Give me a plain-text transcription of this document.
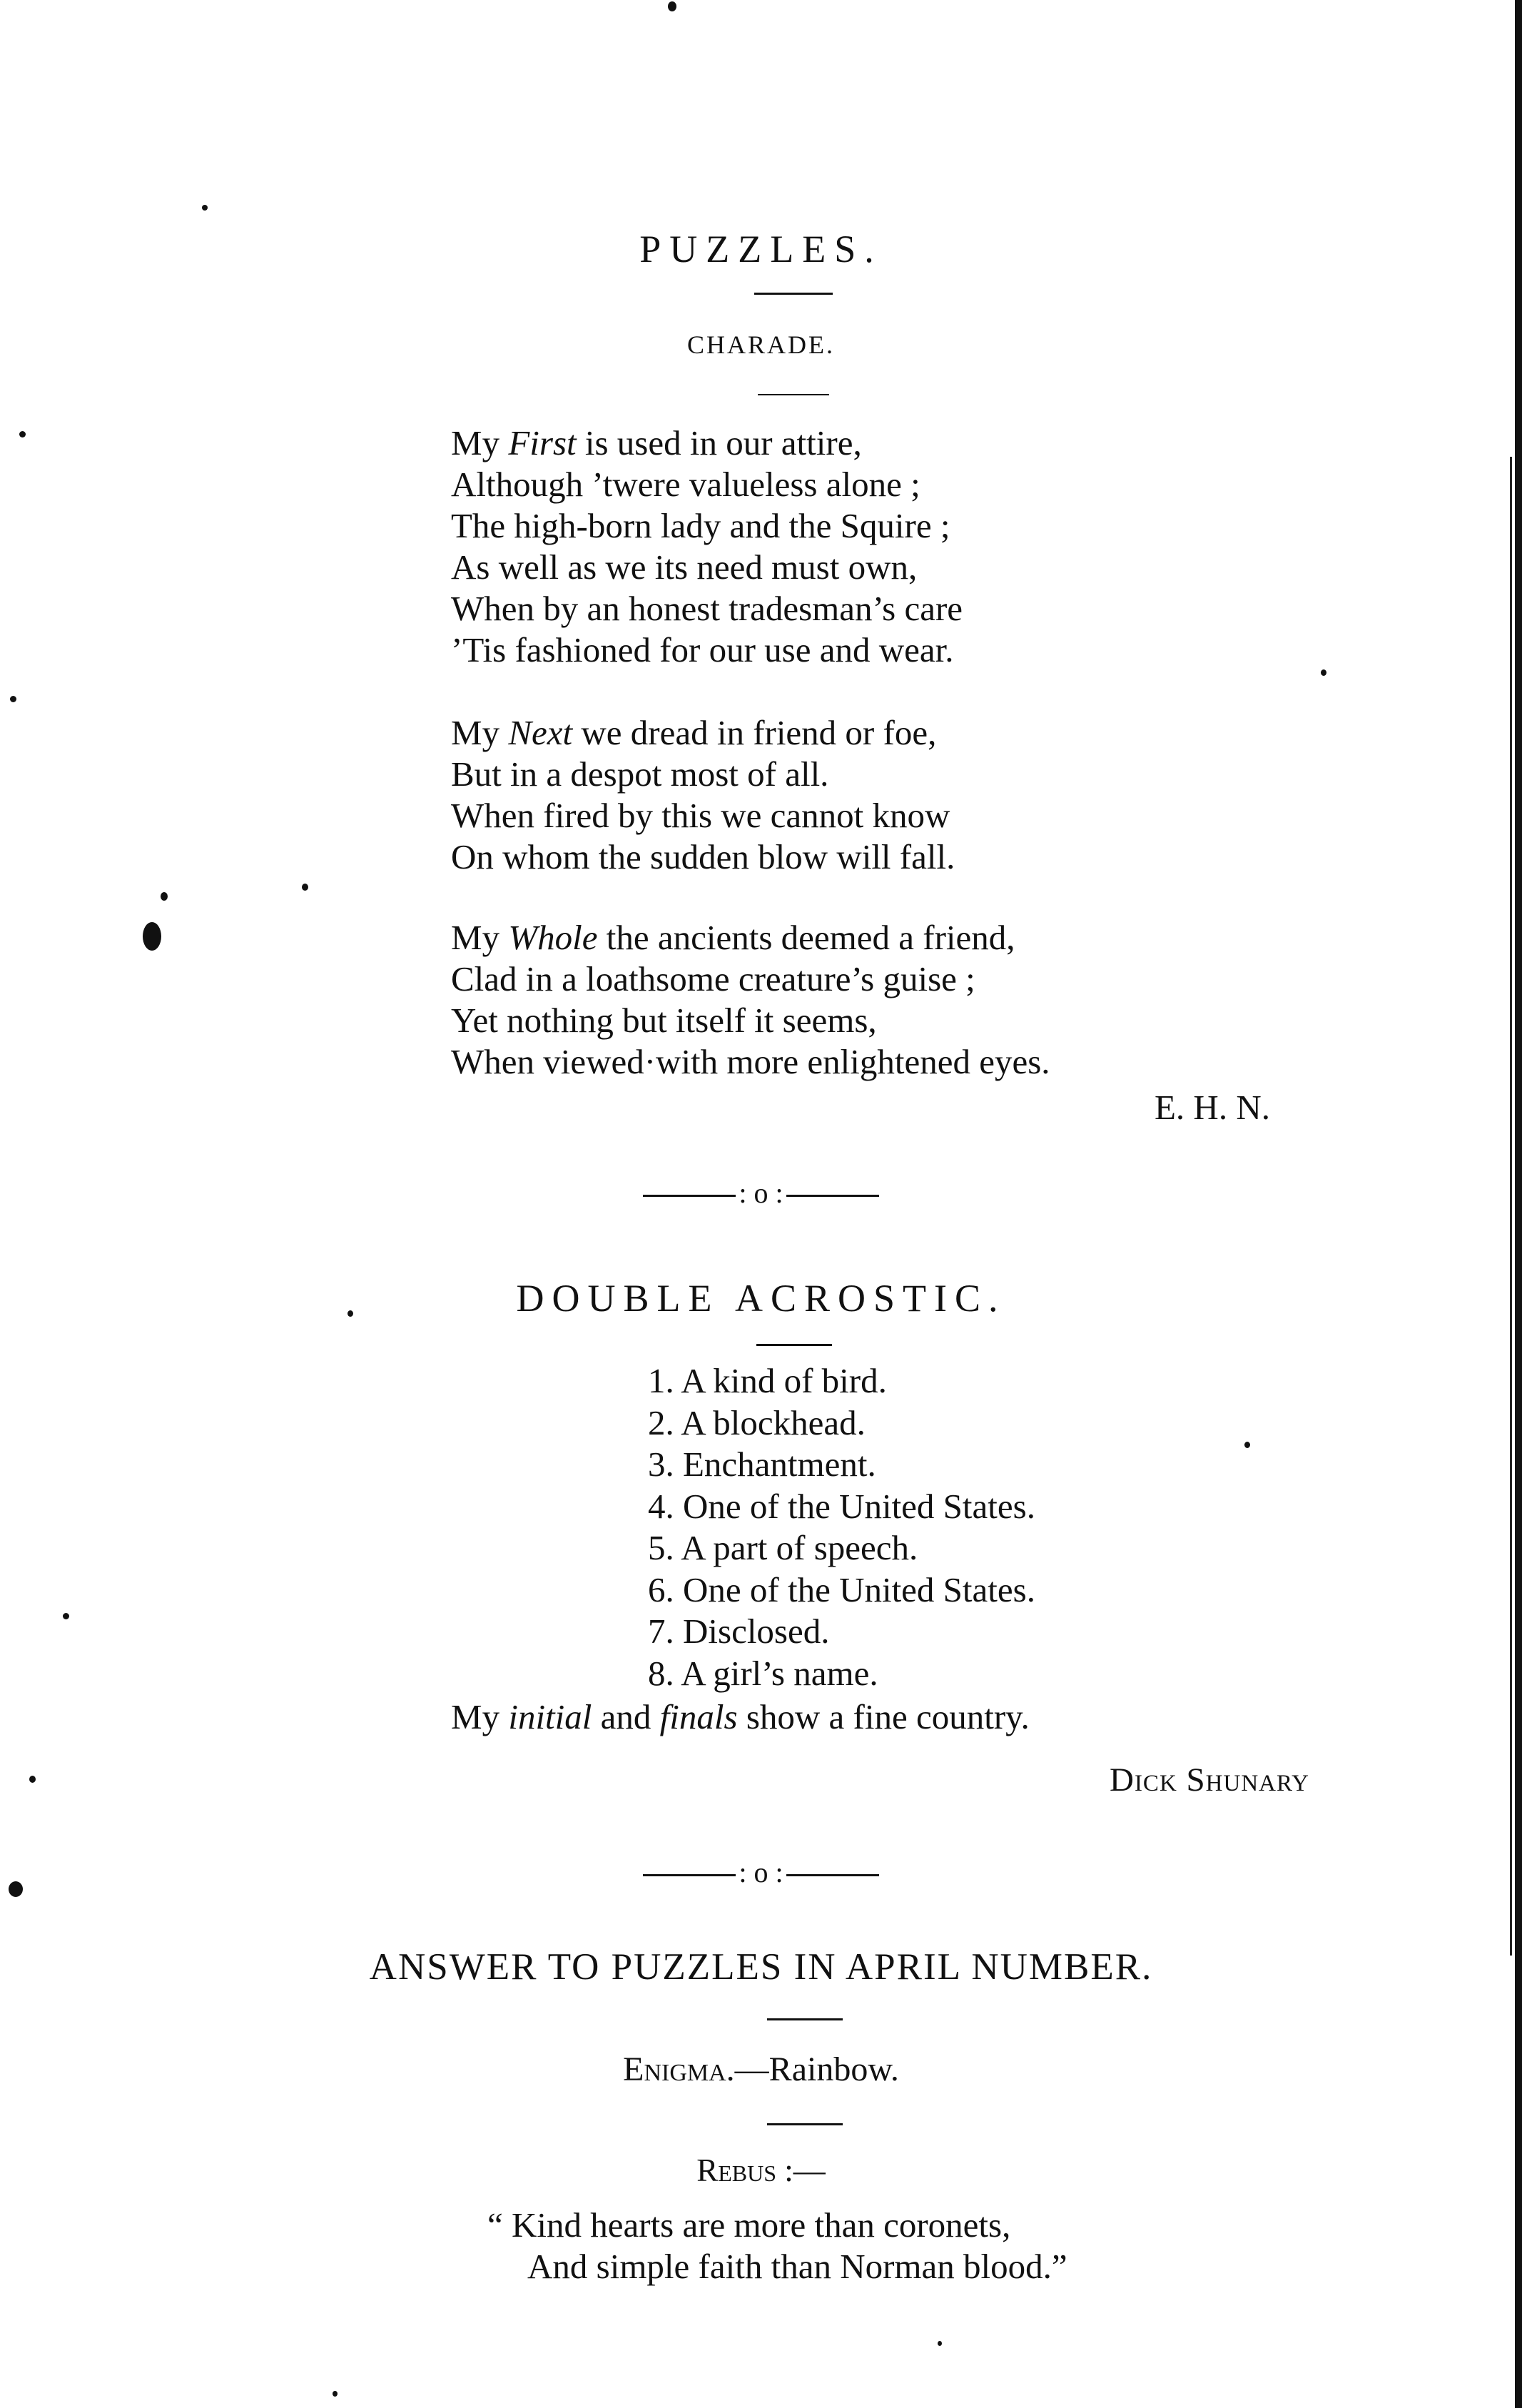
PUZZLES.
CHARADE.
My First is used in our attire,
Although ’twere valueless alone ;
The high-born lady and the Squire ;
As well as we its need must own,
When by an honest tradesman’s care
’Tis fashioned for our use and wear.
My Next we dread in friend or foe,
But in a despot most of all.
When fired by this we cannot know
On whom the sudden blow will fall.
My Whole the ancients deemed a friend,
Clad in a loathsome creature’s guise ;
Yet nothing but itself it seems,
When viewed·with more enlightened eyes.
E. H. N.
: o :
DOUBLE ACROSTIC.
1. A kind of bird.
2. A blockhead.
3. Enchantment.
4. One of the United States.
5. A part of speech.
6. One of the United States.
7. Disclosed.
8. A girl’s name.
My initial and finals show a fine country.
Dick Shunary
: o :
ANSWER TO PUZZLES IN APRIL NUMBER.
Enigma.—Rainbow.
Rebus :—
“ Kind hearts are more than coronets,
And simple faith than Norman blood.”
